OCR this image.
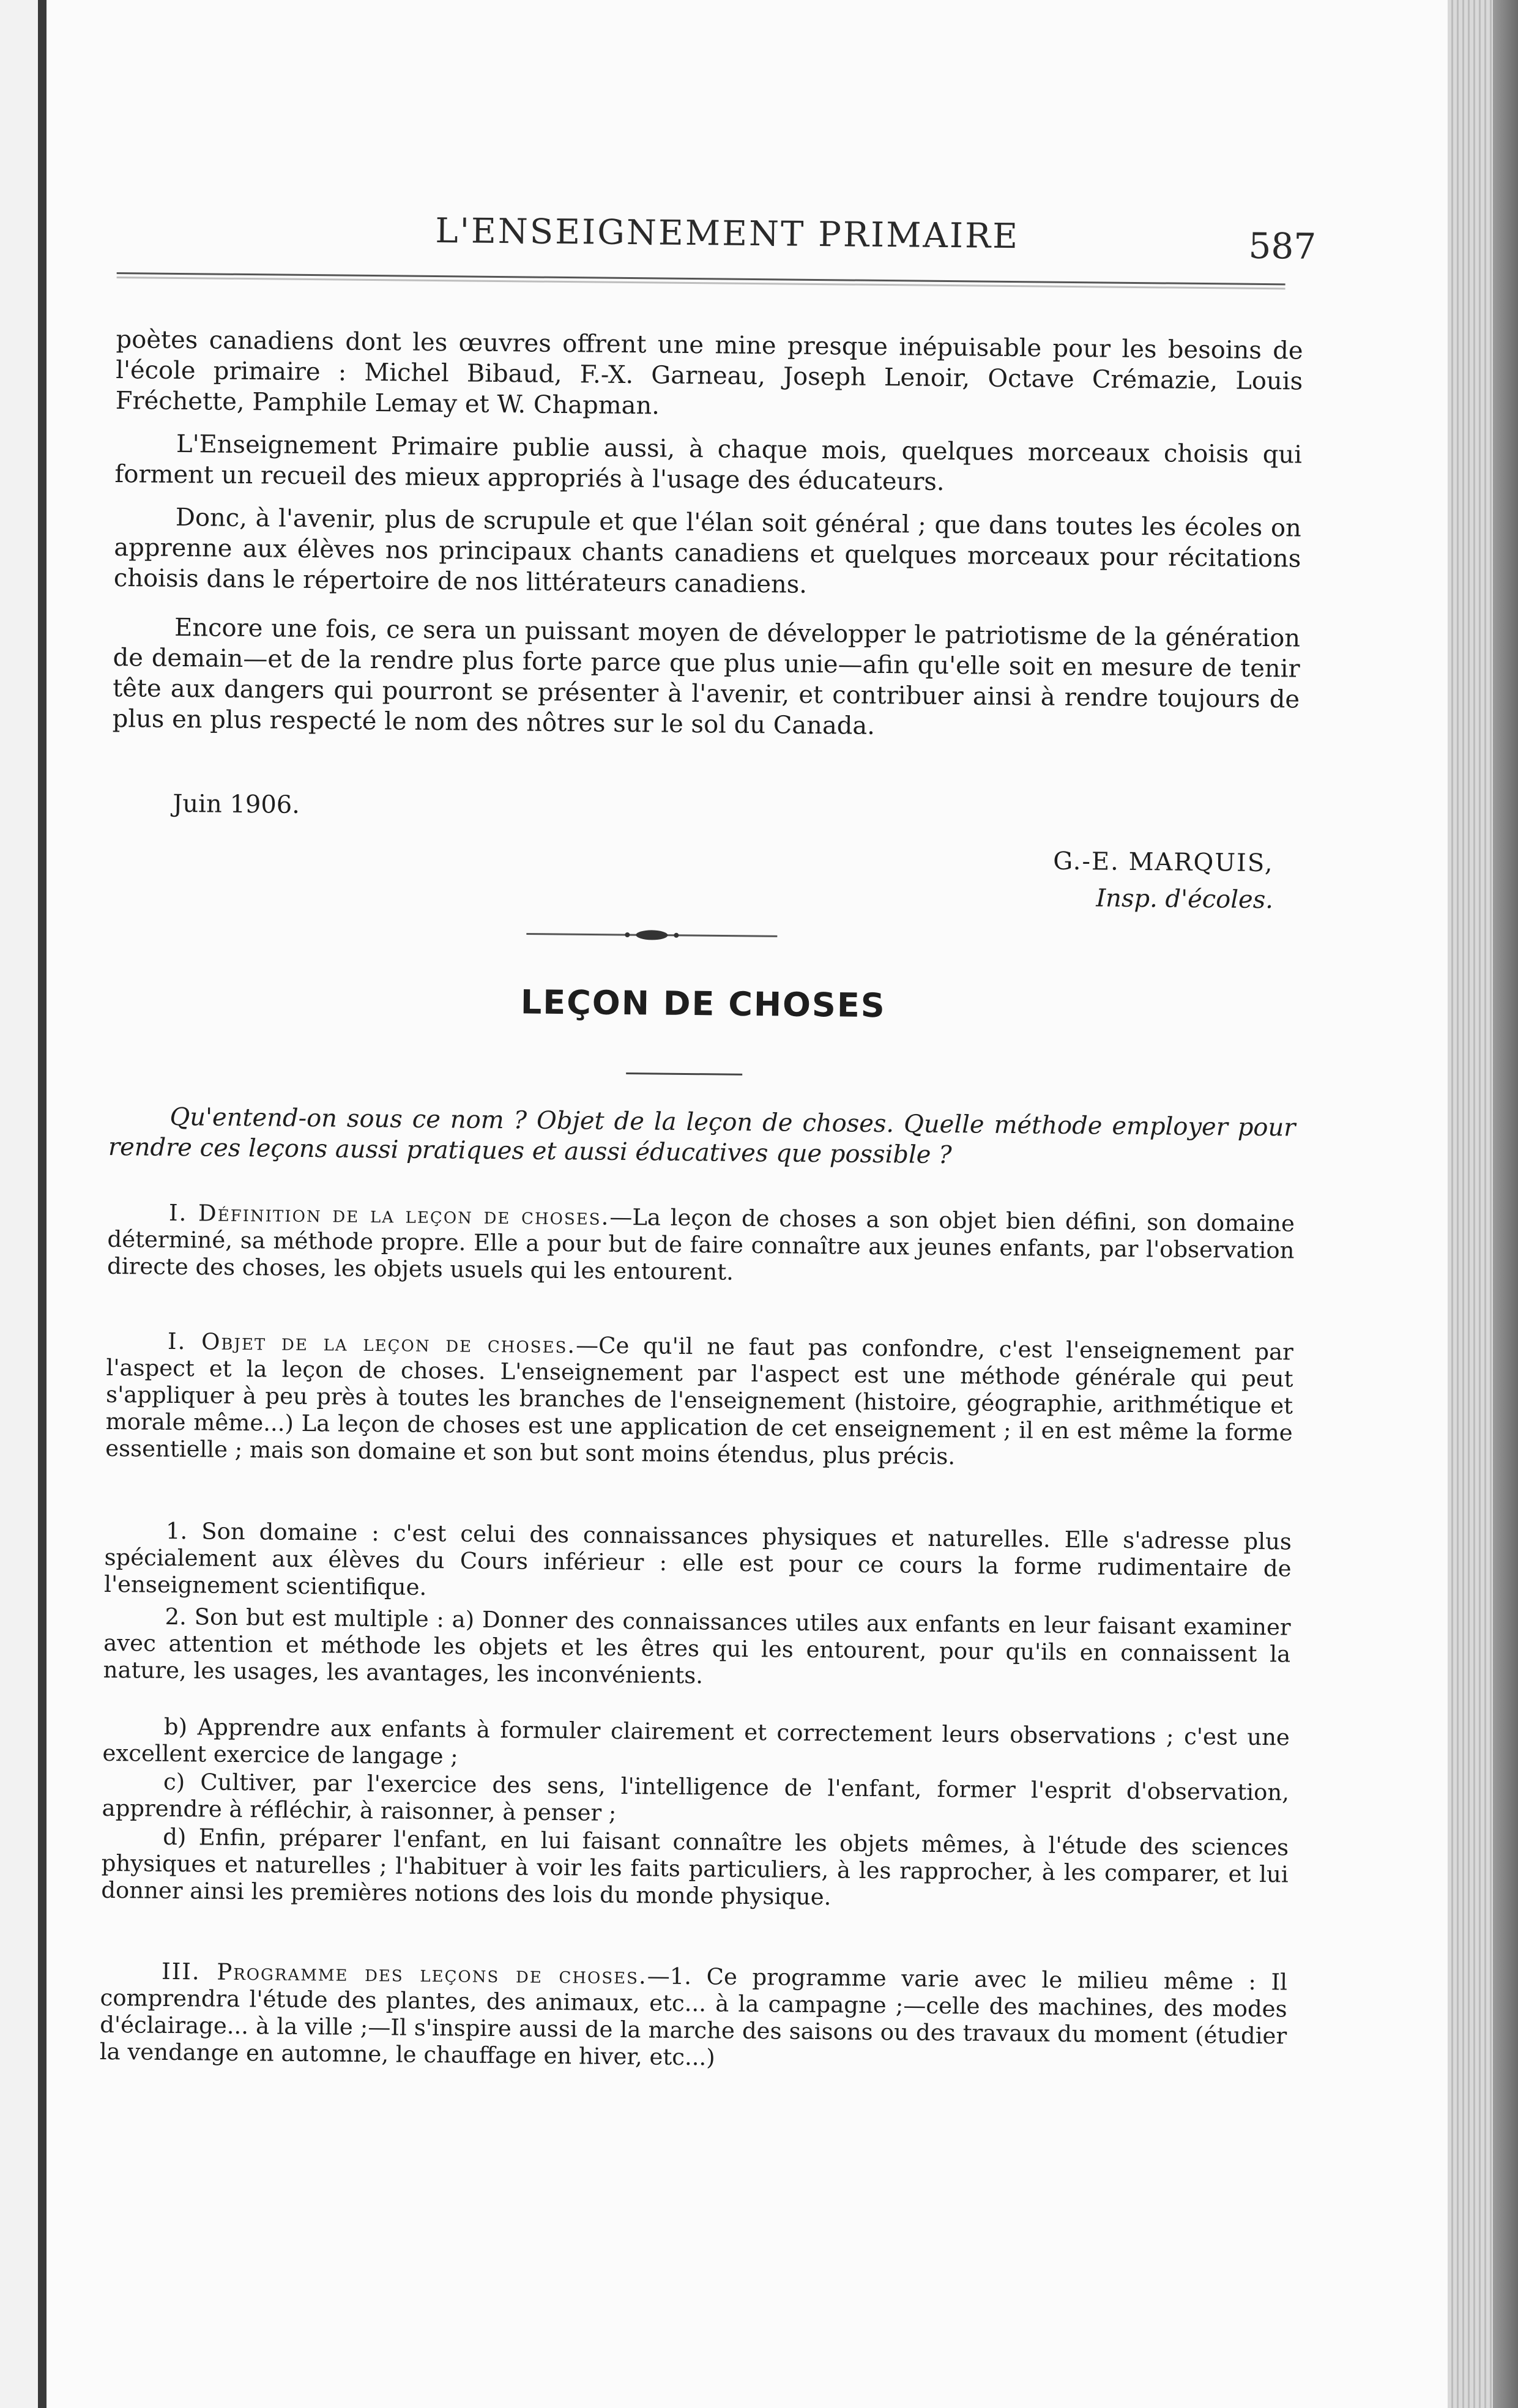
L'ENSEIGNEMENT PRIMAIRE	587

poètes canadiens dont les œuvres offrent une mine presque inépuisable pour les besoins de l'école primaire : Michel Bibaud, F.-X. Garneau, Joseph Lenoir, Octave Crémazie, Louis Fréchette, Pamphile Lemay et W. Chapman.

L'Enseignement Primaire publie aussi, à chaque mois, quelques morceaux choisis qui forment un recueil des mieux appropriés à l'usage des éducateurs.

Donc, à l'avenir, plus de scrupule et que l'élan soit général ; que dans toutes les écoles on apprenne aux élèves nos principaux chants canadiens et quelques morceaux pour récitations choisis dans le répertoire de nos littérateurs canadiens.

Encore une fois, ce sera un puissant moyen de développer le patriotisme de la génération de demain—et de la rendre plus forte parce que plus unie—afin qu'elle soit en mesure de tenir tête aux dangers qui pourront se présenter à l'avenir, et contribuer ainsi à rendre toujours de plus en plus respecté le nom des nôtres sur le sol du Canada.

Juin 1906.
G.-E. MARQUIS,
Insp. d'écoles.
LEÇON DE CHOSES
Qu'entend-on sous ce nom ? Objet de la leçon de choses. Quelle méthode employer pour rendre ces leçons aussi pratiques et aussi éducatives que possible ?

I. Définition de la leçon de choses.—La leçon de choses a son objet bien défini, son domaine déterminé, sa méthode propre. Elle a pour but de faire connaître aux jeunes enfants, par l'observation directe des choses, les objets usuels qui les entourent.

I. Objet de la leçon de choses.—Ce qu'il ne faut pas confondre, c'est l'enseignement par l'aspect et la leçon de choses. L'enseignement par l'aspect est une méthode générale qui peut s'appliquer à peu près à toutes les branches de l'enseignement (histoire, géographie, arithmétique et morale même...) La leçon de choses est une application de cet enseignement ; il en est même la forme essentielle ; mais son domaine et son but sont moins étendus, plus précis.

1. Son domaine : c'est celui des connaissances physiques et naturelles. Elle s'adresse plus spécialement aux élèves du Cours inférieur : elle est pour ce cours la forme rudimentaire de l'enseignement scientifique.

2. Son but est multiple : a) Donner des connaissances utiles aux enfants en leur faisant examiner avec attention et méthode les objets et les êtres qui les entourent, pour qu'ils en connaissent la nature, les usages, les avantages, les inconvénients.

b) Apprendre aux enfants à formuler clairement et correctement leurs observations ; c'est une excellent exercice de langage ;

c) Cultiver, par l'exercice des sens, l'intelligence de l'enfant, former l'esprit d'observation, apprendre à réfléchir, à raisonner, à penser ;

d) Enfin, préparer l'enfant, en lui faisant connaître les objets mêmes, à l'étude des sciences physiques et naturelles ; l'habituer à voir les faits particuliers, à les rapprocher, à les comparer, et lui donner ainsi les premières notions des lois du monde physique.

III. Programme des leçons de choses.—1. Ce programme varie avec le milieu même : Il comprendra l'étude des plantes, des animaux, etc... à la campagne ;—celle des machines, des modes d'éclairage... à la ville ;—Il s'inspire aussi de la marche des saisons ou des travaux du moment (étudier la vendange en automne, le chauffage en hiver, etc...)
